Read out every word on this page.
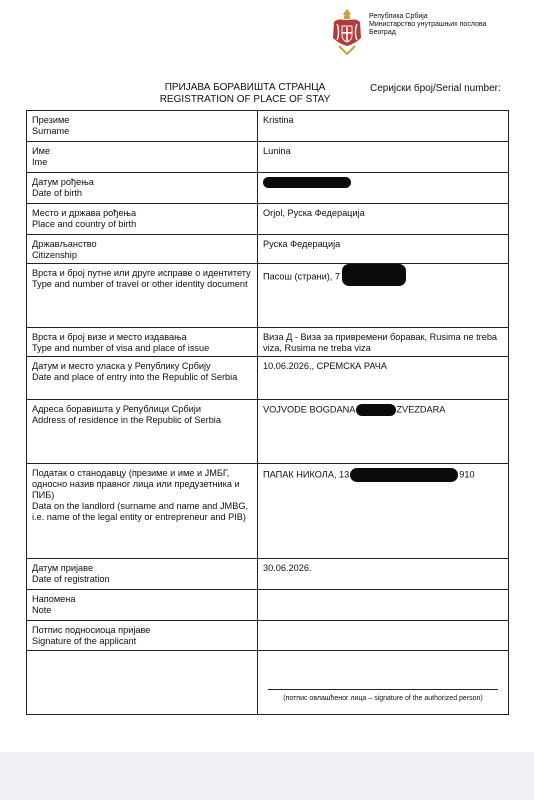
Република Србија
Министарство унутрашњих послова
Београд
ПРИЈАВА БОРАВИШТА СТРАНЦА
REGISTRATION OF PLACE OF STAY
Серијски број/Serial number:
Презиме
Surname	Kristina

Име
Ime	Lunina

Датум рођења
Date of birth	

Место и држава рођења
Place and country of birth	Orjol, Руска Федерација

Држављанство
Citizenship	Руска Федерација

Врста и број путне или друге исправе о идентитету
Type and number of travel or other identity document	Пасош (страни), 7

Врста и број визе и место издавања
Type and number of visa and place of issue	Виза Д - Виза за привремени боравак, Rusima ne treba viza, Rusima ne treba viza

Датум и место уласка у Републику Србију
Date and place of entry into the Republic of Serbia	10.06.2026., СРЕМСКА РАЧА

Адреса боравишта у Републици Србији
Address of residence in the Republic of Serbia	VOJVODE BOGDANA ZVEZDARA

Податак о станодавцу (презиме и име и ЈМБГ, односно назив правног лица или предузетника и ПИБ)
Data on the landlord (surname and name and JMBG, i.e. name of the legal entity or entrepreneur and PIB)	ПАПАК НИКОЛА, 13 910

Датум пријаве
Date of registration	30.06.2026.

Напомена
Note	

Потпис подносиоца пријаве
Signature of the applicant	

	(потпис овлашћеног лица – signature of the authorized person)
